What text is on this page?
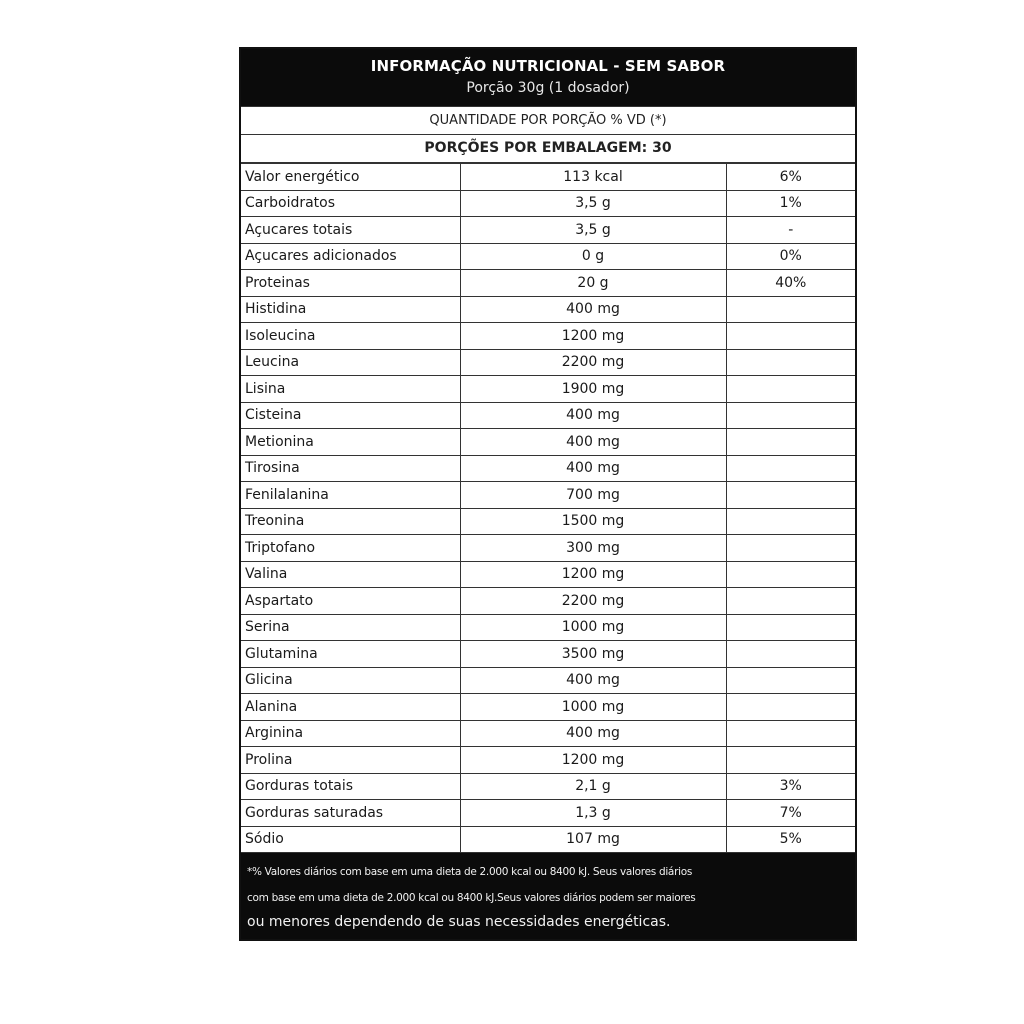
INFORMAÇÃO NUTRICIONAL - SEM SABOR
Porção 30g (1 dosador)
QUANTIDADE POR PORÇÃO % VD (*)
PORÇÕES POR EMBALAGEM: 30
Valor energético	113 kcal	6%
Carboidratos	3,5 g	1%
Açucares totais	3,5 g	-
Açucares adicionados	0 g	0%
Proteinas	20 g	40%
Histidina	400 mg	
Isoleucina	1200 mg	
Leucina	2200 mg	
Lisina	1900 mg	
Cisteina	400 mg	
Metionina	400 mg	
Tirosina	400 mg	
Fenilalanina	700 mg	
Treonina	1500 mg	
Triptofano	300 mg	
Valina	1200 mg	
Aspartato	2200 mg	
Serina	1000 mg	
Glutamina	3500 mg	
Glicina	400 mg	
Alanina	1000 mg	
Arginina	400 mg	
Prolina	1200 mg	
Gorduras totais	2,1 g	3%
Gorduras saturadas	1,3 g	7%
Sódio	107 mg	5%
*% Valores diários com base em uma dieta de 2.000 kcal ou 8400 kJ. Seus valores diários
com base em uma dieta de 2.000 kcal ou 8400 kJ.Seus valores diários podem ser maiores
ou menores dependendo de suas necessidades energéticas.
